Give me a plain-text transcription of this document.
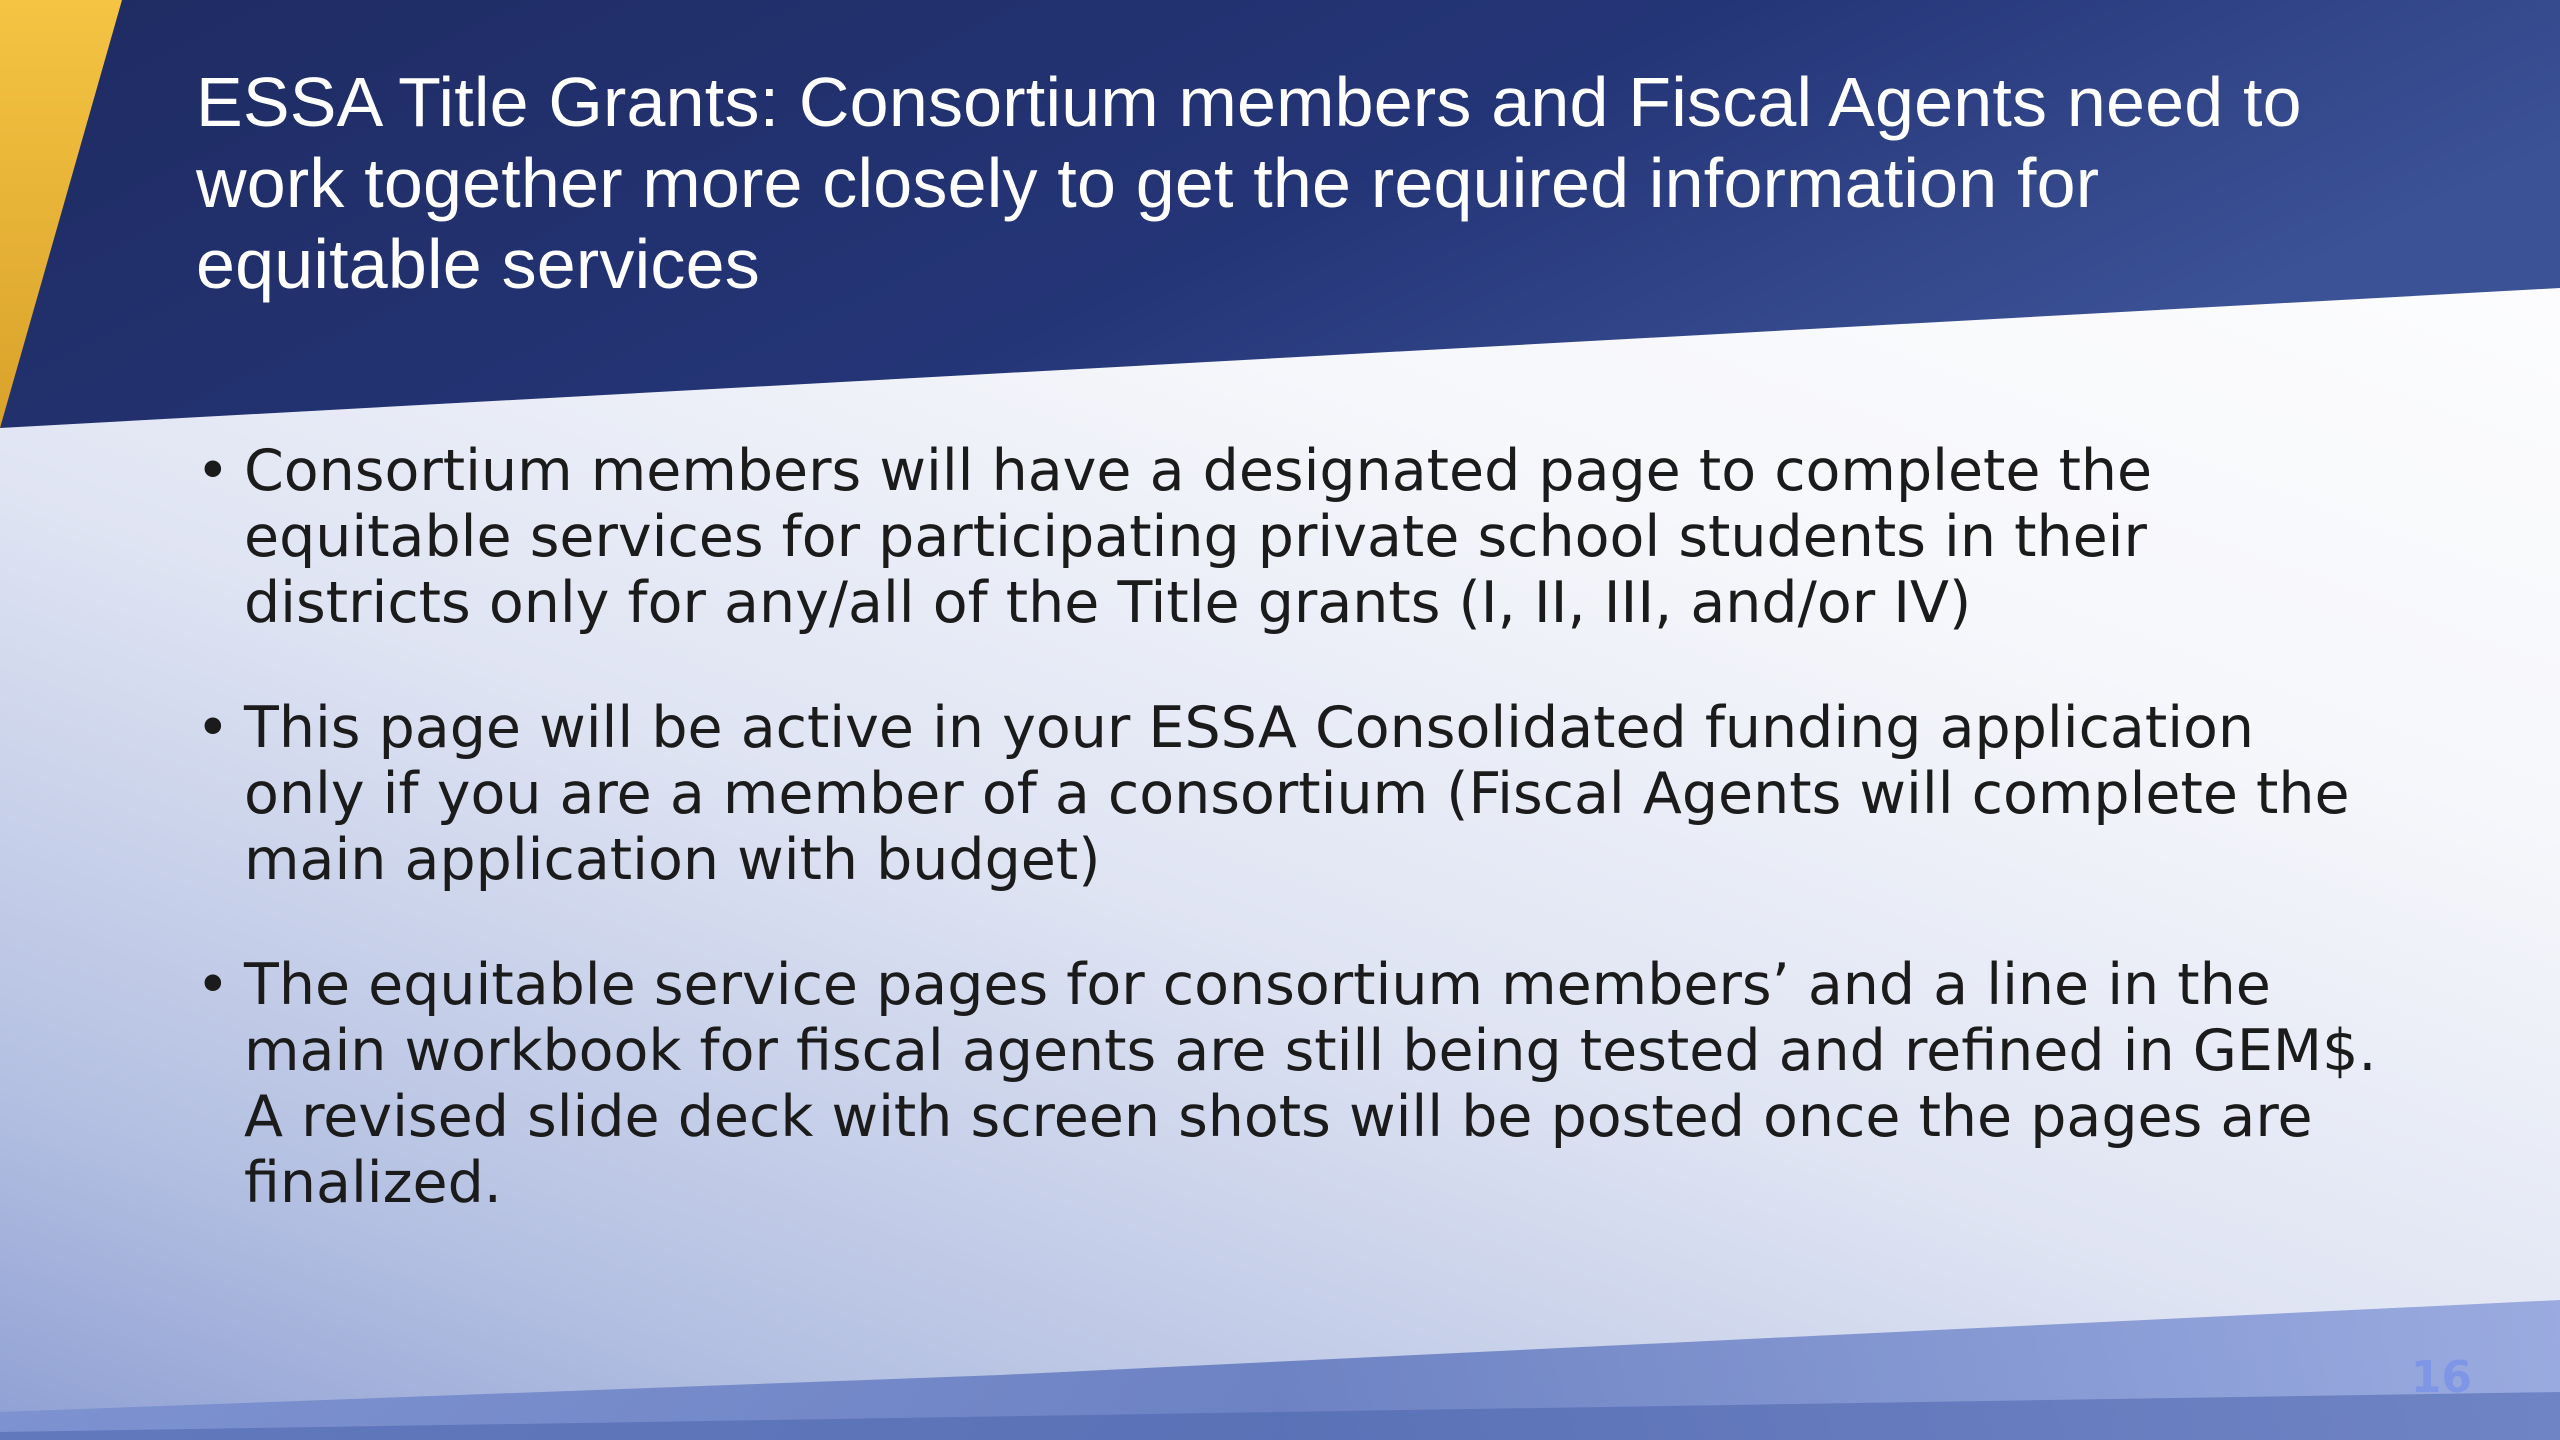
ESSA Title Grants: Consortium members and Fiscal Agents need to work together more closely to get the required information for equitable services
• Consortium members will have a designated page to complete the equitable services for participating private school students in their districts only for any/all of the Title grants (I, II, III, and/or IV)
• This page will be active in your ESSA Consolidated funding application only if you are a member of a consortium (Fiscal Agents will complete the main application with budget)
• The equitable service pages for consortium members’ and a line in the main workbook for fiscal agents are still being tested and refined in GEM$. A revised slide deck with screen shots will be posted once the pages are finalized.
16
